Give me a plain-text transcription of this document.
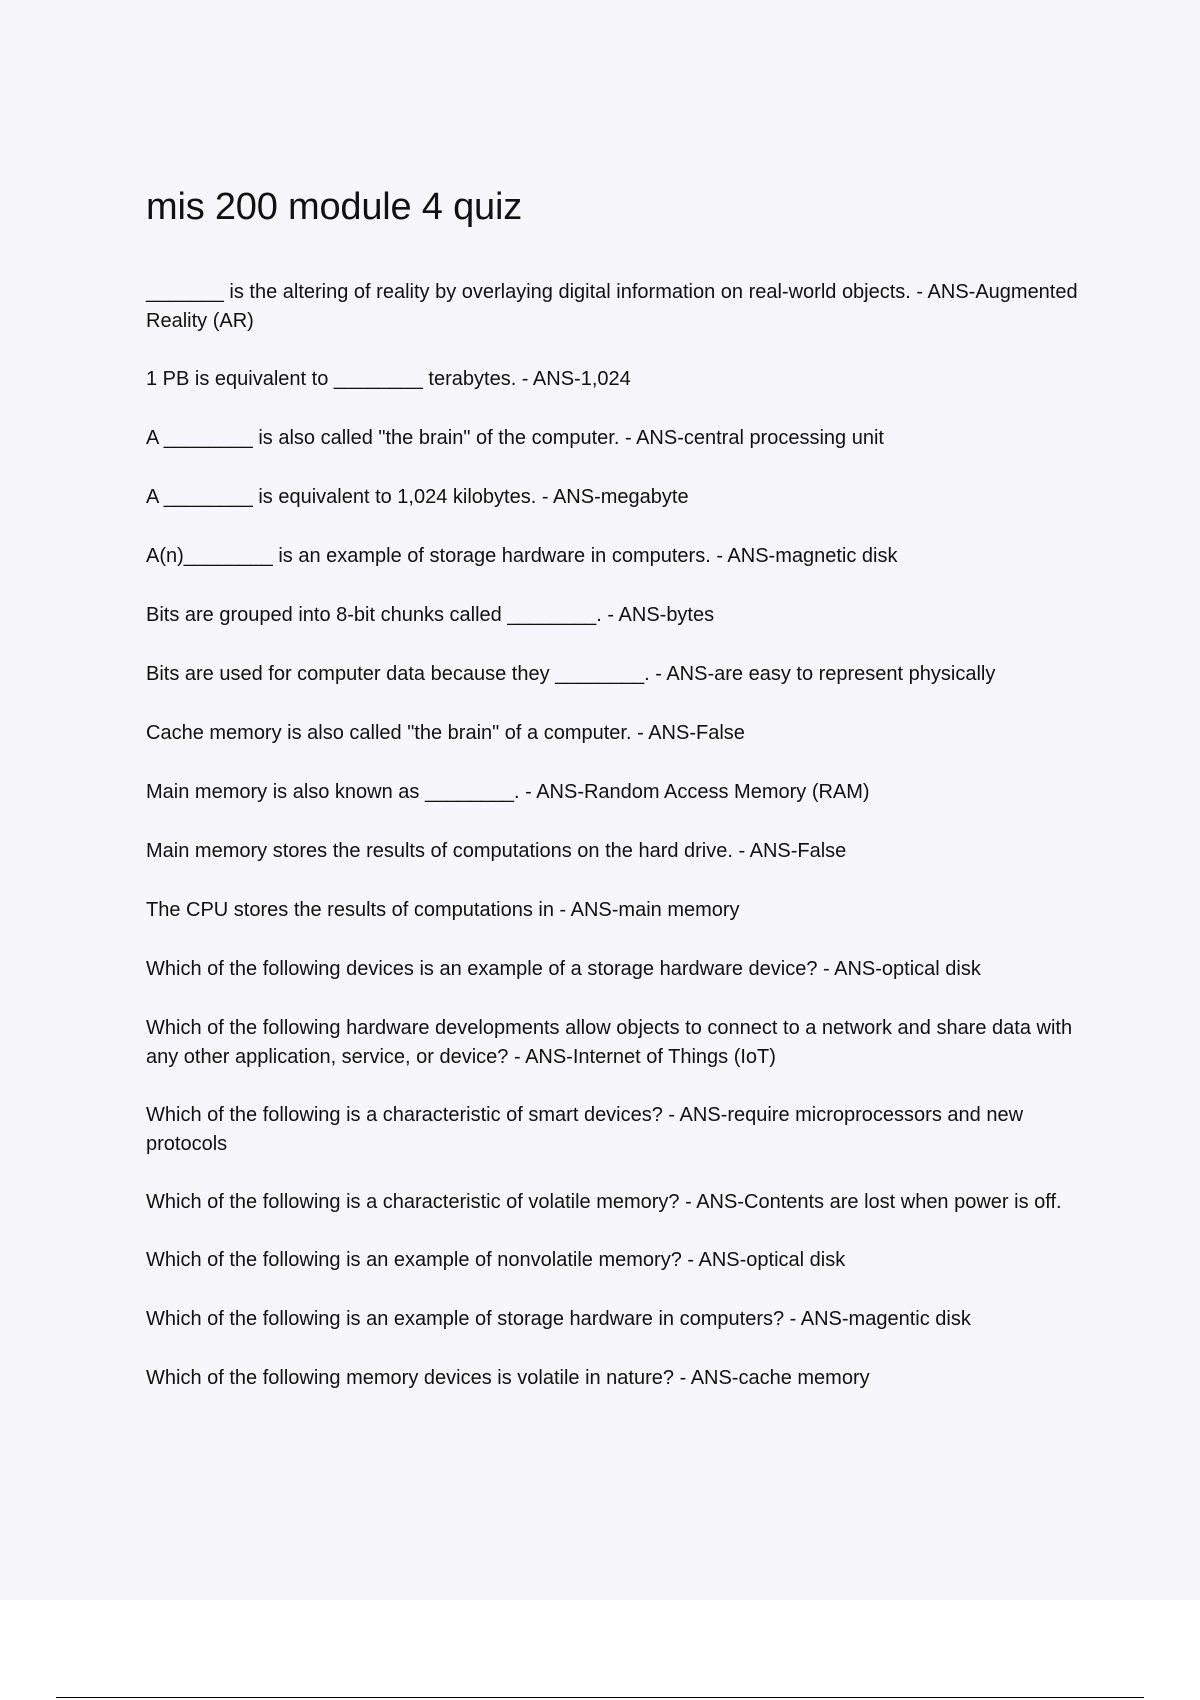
mis 200 module 4 quiz
_______ is the altering of reality by overlaying digital information on real-world objects. - ANS-Augmented Reality (AR)
1 PB is equivalent to ________ terabytes. - ANS-1,024
A ________ is also called "the brain" of the computer. - ANS-central processing unit
A ________ is equivalent to 1,024 kilobytes. - ANS-megabyte
A(n)________ is an example of storage hardware in computers. - ANS-magnetic disk
Bits are grouped into 8-bit chunks called ________. - ANS-bytes
Bits are used for computer data because they ________. - ANS-are easy to represent physically
Cache memory is also called "the brain" of a computer. - ANS-False
Main memory is also known as ________. - ANS-Random Access Memory (RAM)
Main memory stores the results of computations on the hard drive. - ANS-False
The CPU stores the results of computations in - ANS-main memory
Which of the following devices is an example of a storage hardware device? - ANS-optical disk
Which of the following hardware developments allow objects to connect to a network and share data with any other application, service, or device? - ANS-Internet of Things (IoT)
Which of the following is a characteristic of smart devices? - ANS-require microprocessors and new protocols
Which of the following is a characteristic of volatile memory? - ANS-Contents are lost when power is off.
Which of the following is an example of nonvolatile memory? - ANS-optical disk
Which of the following is an example of storage hardware in computers? - ANS-magentic disk
Which of the following memory devices is volatile in nature? - ANS-cache memory
